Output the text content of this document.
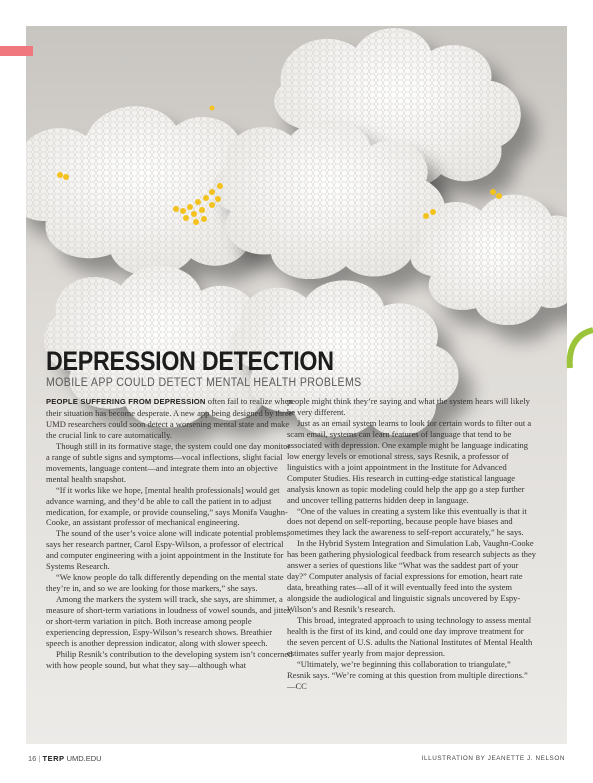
DEPRESSION DETECTION
MOBILE APP COULD DETECT MENTAL HEALTH PROBLEMS

PEOPLE SUFFERING FROM DEPRESSION often fail to realize when their situation has become desperate. A new app being designed by three UMD researchers could soon detect a worsening mental state and make the crucial link to care automatically.

Though still in its formative stage, the system could one day monitor a range of subtle signs and symptoms—vocal inflections, slight facial movements, language content—and integrate them into an objective mental health snapshot.

“If it works like we hope, [mental health professionals] would get advance warning, and they’d be able to call the patient in to adjust medication, for example, or provide counseling,” says Monifa Vaughn-Cooke, an assistant professor of mechanical engineering.

The sound of the user’s voice alone will indicate potential problems, says her research partner, Carol Espy-Wilson, a professor of electrical and computer engineering with a joint appointment in the Institute for Systems Research.

“We know people do talk differently depending on the mental state they’re in, and so we are looking for those markers,” she says.

Among the markers the system will track, she says, are shimmer, a measure of short-term variations in loudness of vowel sounds, and jitter, or short-term variation in pitch. Both increase among people experiencing depression, Espy-Wilson’s research shows. Breathier speech is another depression indicator, along with slower speech.

Philip Resnik’s contribution to the developing system isn’t concerned with how people sound, but what they say—although what

people might think they’re saying and what the system hears will likely be very different.

Just as an email system learns to look for certain words to filter out a scam email, systems can learn features of language that tend to be associated with depression. One example might be language indicating low energy levels or emotional stress, says Resnik, a professor of linguistics with a joint appointment in the Institute for Advanced Computer Studies. His research in cutting-edge statistical language analysis known as topic modeling could help the app go a step further and uncover telling patterns hidden deep in language.

“One of the values in creating a system like this eventually is that it does not depend on self-reporting, because people have biases and sometimes they lack the awareness to self-report accurately,” he says.

In the Hybrid System Integration and Simulation Lab, Vaughn-Cooke has been gathering physiological feedback from research subjects as they answer a series of questions like “What was the saddest part of your day?” Computer analysis of facial expressions for emotion, heart rate data, breathing rates—all of it will eventually feed into the system alongside the audiological and linguistic signals uncovered by Espy-Wilson’s and Resnik’s research.

This broad, integrated approach to using technology to assess mental health is the first of its kind, and could one day improve treatment for the seven percent of U.S. adults the National Institutes of Mental Health estimates suffer yearly from major depression.

“Ultimately, we’re beginning this collaboration to triangulate,” Resnik says. “We’re coming at this question from multiple directions.” —CC

16 | TERP UMD.EDU	ILLUSTRATION BY JEANETTE J. NELSON
